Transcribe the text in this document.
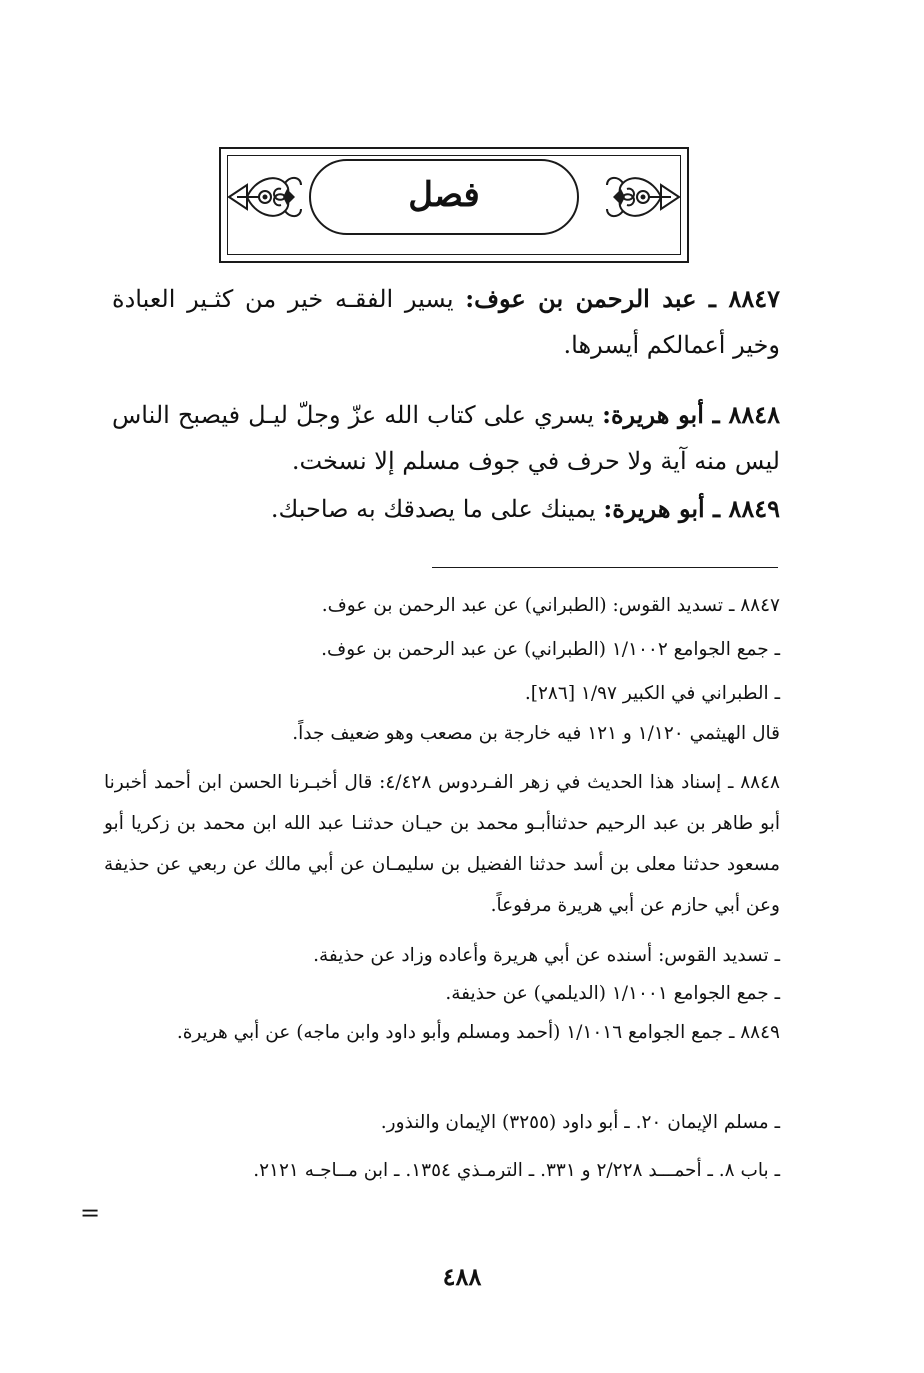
فصل

٨٨٤٧ ـ عبد الرحمن بن عوف: يسير الفقـه خير من كثـير العبادة وخير أعمالكم أيسرها.

٨٨٤٨ ـ أبو هريرة: يسري على كتاب الله عزّ وجلّ ليـل فيصبح الناس ليس منه آية ولا حرف في جوف مسلم إلا نسخت.

٨٨٤٩ ـ أبو هريرة: يمينك على ما يصدقك به صاحبك.

٨٨٤٧ ـ تسديد القوس: (الطبراني) عن عبد الرحمن بن عوف.

ـ جمع الجوامع ١/١٠٠٢ (الطبراني) عن عبد الرحمن بن عوف.

ـ الطبراني في الكبير ١/٩٧ [٢٨٦].

قال الهيثمي ١/١٢٠ و ١٢١ فيه خارجة بن مصعب وهو ضعيف جداً.

٨٨٤٨ ـ إسناد هذا الحديث في زهر الفـردوس ٤/٤٢٨: قال أخبـرنا الحسن ابن أحمد أخبرنا أبو طاهر بن عبد الرحيم حدثناأبـو محمد بن حيـان حدثنـا عبد الله ابن محمد بن زكريا أبو مسعود حدثنا معلى بن أسد حدثنا الفضيل بن سليمـان عن أبي مالك عن ربعي عن حذيفة وعن أبي حازم عن أبي هريرة مرفوعاً.

ـ تسديد القوس: أسنده عن أبي هريرة وأعاده وزاد عن حذيفة.

ـ جمع الجوامع ١/١٠٠١ (الديلمي) عن حذيفة.

٨٨٤٩ ـ جمع الجوامع ١/١٠١٦ (أحمد ومسلم وأبو داود وابن ماجه) عن أبي هريرة.

ـ مسلم الإيمان ٢٠. ـ أبو داود (٣٢٥٥) الإيمان والنذور.

ـ باب ٨. ـ أحمـــد ٢/٢٢٨ و ٣٣١. ـ الترمـذي ١٣٥٤. ـ ابن مــاجـه ٢١٢١.

=
٤٨٨
